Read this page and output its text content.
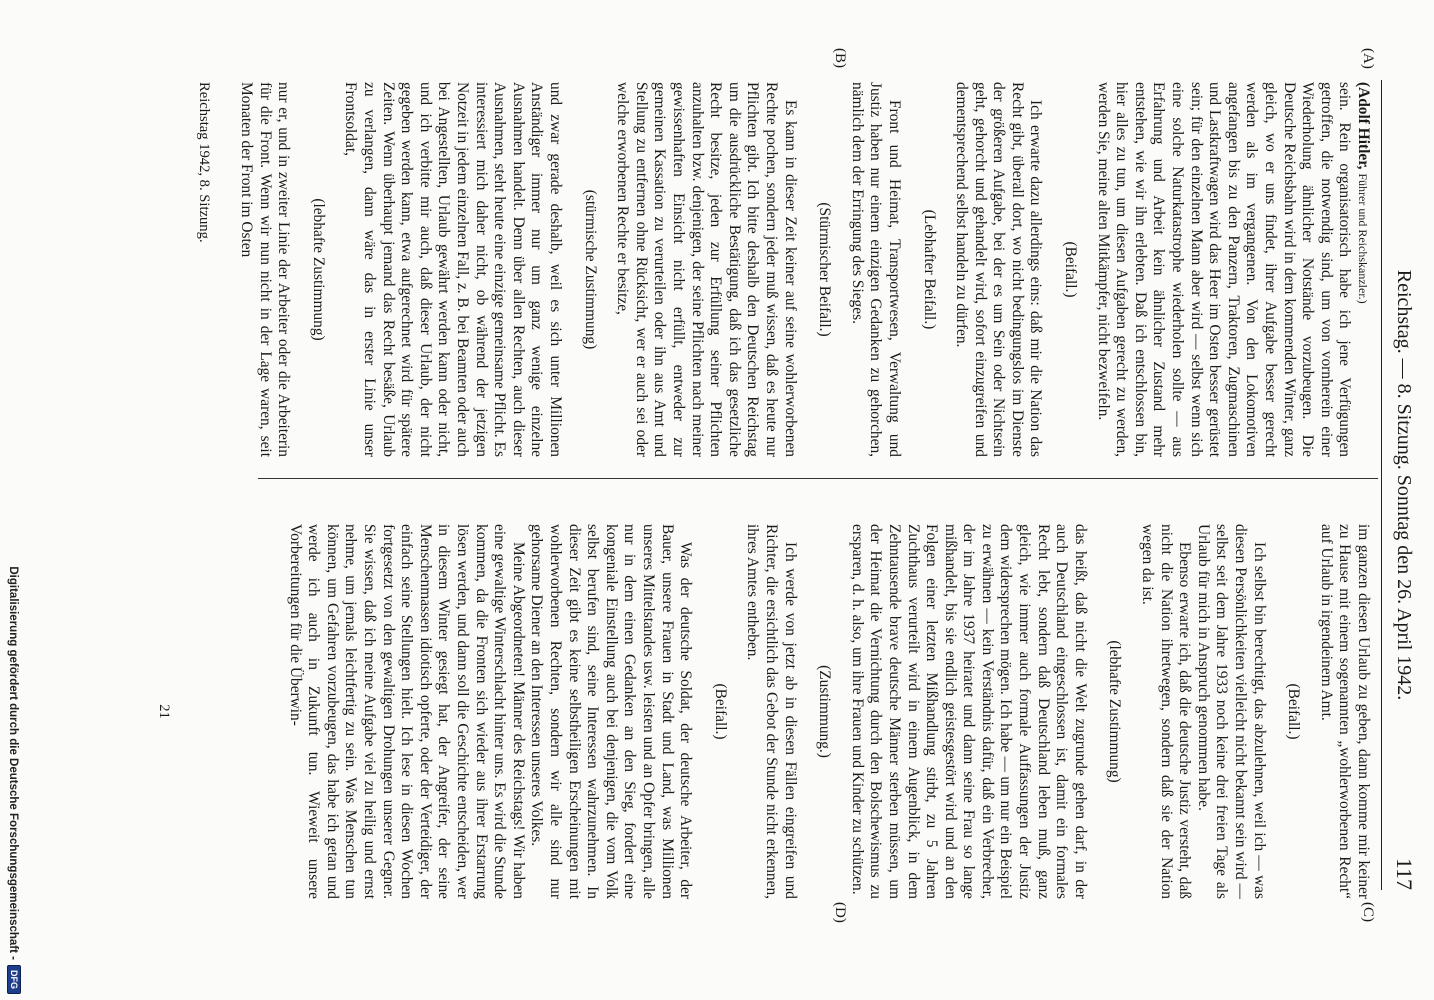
Reichstag. — 8. Sitzung. Sonntag den 26. April 1942.
117
(A)
(B)
(C)
(D)

(Adolf Hitler, Führer und Reichskanzler.)

sein. Rein organisatorisch habe ich jene Verfügungen getroffen, die notwendig sind, um von vornherein einer Wiederholung ähnlicher Notstände vorzubeugen. Die Deutsche Reichsbahn wird in dem kommenden Winter, ganz gleich, wo er uns findet, ihrer Aufgabe besser gerecht werden als im vergangenen. Von den Lokomotiven angefangen bis zu den Panzern, Traktoren, Zugmaschinen und Lastkraftwagen wird das Heer im Osten besser gerüstet sein; für den einzelnen Mann aber wird — selbst wenn sich eine solche Naturkatastrophe wiederholen sollte — aus Erfahrung und Arbeit kein ähnlicher Zustand mehr entstehen, wie wir ihn erlebten. Daß ich entschlossen bin, hier alles zu tun, um diesen Aufgaben gerecht zu werden, werden Sie, meine alten Mitkämpfer, nicht bezweifeln.

(Beifall.)

Ich erwarte dazu allerdings eins: daß mir die Nation das Recht gibt, überall dort, wo nicht bedingungslos im Dienste der größeren Aufgabe, bei der es um Sein oder Nichtsein geht, gehorcht und gehandelt wird, sofort einzugreifen und dementsprechend selbst handeln zu dürfen.

(Lebhafter Beifall.)

Front und Heimat, Transportwesen, Verwaltung und Justiz haben nur einem einzigen Gedanken zu gehorchen, nämlich dem der Erringung des Sieges.

(Stürmischer Beifall.)

Es kann in dieser Zeit keiner auf seine wohlerworbenen Rechte pochen, sondern jeder muß wissen, daß es heute nur Pflichten gibt. Ich bitte deshalb den Deutschen Reichstag um die ausdrückliche Bestätigung, daß ich das gesetzliche Recht besitze, jeden zur Erfüllung seiner Pflichten anzuhalten bzw. denjenigen, der seine Pflichten nach meiner gewissenhaften Einsicht nicht erfüllt, entweder zur gemeinen Kassation zu verurteilen oder ihn aus Amt und Stellung zu entfernen ohne Rücksicht, wer er auch sei oder welche erworbenen Rechte er besitze,

(stürmische Zustimmung)

und zwar gerade deshalb, weil es sich unter Millionen Anständiger immer nur um ganz wenige einzelne Ausnahmen handelt. Denn über allen Rechten, auch dieser Ausnahmen, steht heute eine einzige gemeinsame Pflicht. Es interessiert mich daher nicht, ob während der jetzigen Notzeit in jedem einzelnen Fall, z. B. bei Beamten oder auch bei Angestellten, Urlaub gewährt werden kann oder nicht, und ich verbitte mir auch, daß dieser Urlaub, der nicht gegeben werden kann, etwa aufgerechnet wird für spätere Zeiten. Wenn überhaupt jemand das Recht besäße, Urlaub zu verlangen, dann wäre das in erster Linie unser Frontsoldat,

(lebhafte Zustimmung)

nur er, und in zweiter Linie der Arbeiter oder die Arbeiterin für die Front. Wenn wir nun nicht in der Lage waren, seit Monaten der Front im Osten

im ganzen diesen Urlaub zu geben, dann komme mir keiner zu Hause mit einem sogenannten „wohlerworbenen Recht“ auf Urlaub in irgendeinem Amt.

(Beifall.)

Ich selbst bin berechtigt, das abzulehnen, weil ich — was diesen Persönlichkeiten vielleicht nicht bekannt sein wird — selbst seit dem Jahre 1933 noch keine drei freien Tage als Urlaub für mich in Anspruch genommen habe.

Ebenso erwarte ich, daß die deutsche Justiz versteht, daß nicht die Nation ihretwegen, sondern daß sie der Nation wegen da ist.

(lebhafte Zustimmung)

das heißt, daß nicht die Welt zugrunde gehen darf, in der auch Deutschland eingeschlossen ist, damit ein formales Recht lebt, sondern daß Deutschland leben muß, ganz gleich, wie immer auch formale Auffassungen der Justiz dem widersprechen mögen. Ich habe — um nur ein Beispiel zu erwähnen — kein Verständnis dafür, daß ein Verbrecher, der im Jahre 1937 heiratet und dann seine Frau so lange mißhandelt, bis sie endlich geistesgestört wird und an den Folgen einer letzten Mißhandlung stirbt, zu 5 Jahren Zuchthaus verurteilt wird in einem Augenblick, in dem Zehntausende brave deutsche Männer sterben müssen, um der Heimat die Vernichtung durch den Bolschewismus zu ersparen, d. h. also, um ihre Frauen und Kinder zu schützen.

(Zustimmung.)

Ich werde von jetzt ab in diesen Fällen eingreifen und Richter, die ersichtlich das Gebot der Stunde nicht erkennen, ihres Amtes entheben.

(Beifall.)

Was der deutsche Soldat, der deutsche Arbeiter, der Bauer, unsere Frauen in Stadt und Land, was Millionen unseres Mittelstandes usw. leisten und an Opfer bringen, alle nur in dem einen Gedanken an den Sieg, fordert eine kongeniale Einstellung auch bei denjenigen, die vom Volk selbst berufen sind, seine Interessen wahrzunehmen. In dieser Zeit gibt es keine selbstheiligen Erscheinungen mit wohlerworbenen Rechten, sondern wir alle sind nur gehorsame Diener an den Interessen unseres Volkes.

Meine Abgeordneten! Männer des Reichstags! Wir haben eine gewaltige Winterschlacht hinter uns. Es wird die Stunde kommen, da die Fronten sich wieder aus ihrer Erstarrung lösen werden, und dann soll die Geschichte entscheiden, wer in diesem Winter gesiegt hat, der Angreifer, der seine Menschenmassen idiotisch opferte, oder der Verteidiger, der einfach seine Stellungen hielt. Ich lese in diesen Wochen fortgesetzt von den gewaltigen Drohungen unserer Gegner. Sie wissen, daß ich meine Aufgabe viel zu heilig und ernst nehme, um jemals leichtfertig zu sein. Was Menschen tun können, um Gefahren vorzubeugen, das habe ich getan und werde ich auch in Zukunft tun. Wieweit unsere Vorbereitungen für die Überwin-

Reichstag 1942, 8. Sitzung.
21
Digitalisierung gefördert durch die Deutsche Forschungsgemeinschaft -
DFG
